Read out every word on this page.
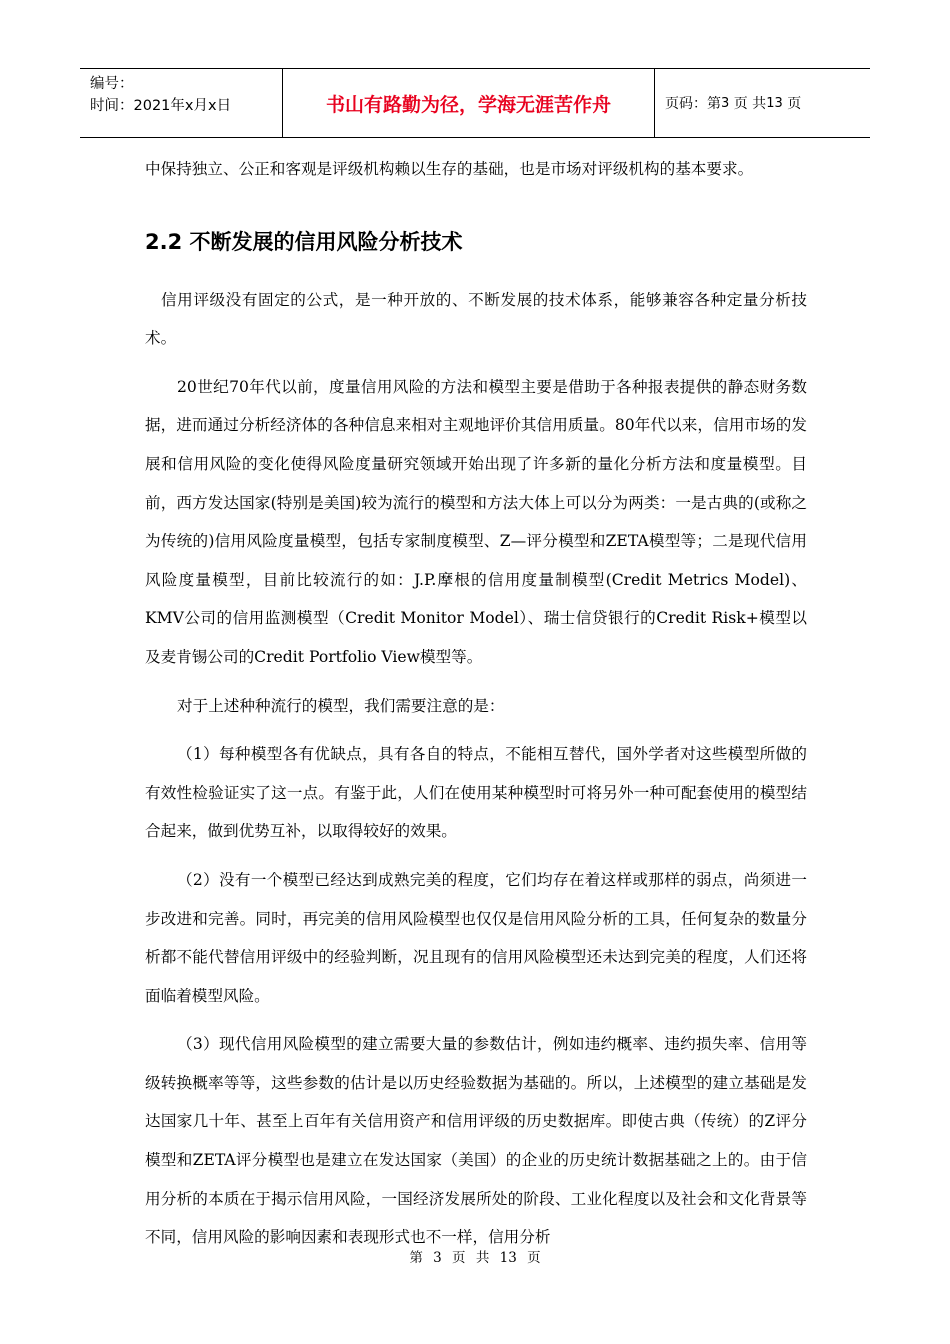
编号：
时间：2021年x月x日	书山有路勤为径，学海无涯苦作舟	页码：第 3
页 共 13
页

中保持独立、公正和客观是评级机构赖以生存的基础，也是市场对评级机构的基本要求。

2.2 不断发展的信用风险分析技术

信用评级没有固定的公式，是一种开放的、不断发展的技术体系，能够兼容各种定量分析技术。

20世纪70年代以前，度量信用风险的方法和模型主要是借助于各种报表提供的静态财务数据，进而通过分析经济体的各种信息来相对主观地评价其信用质量。80年代以来，信用市场的发展和信用风险的变化使得风险度量研究领域开始出现了许多新的量化分析方法和度量模型。目前，西方发达国家(特别是美国)较为流行的模型和方法大体上可以分为两类：一是古典的(或称之为传统的)信用风险度量模型，包括专家制度模型、Z—评分模型和ZETA模型等；二是现代信用风险度量模型，目前比较流行的如：J.P.摩根的信用度量制模型(Credit Metrics Model)、KMV公司的信用监测模型（Credit Monitor Model）、瑞士信贷银行的Credit Risk+模型以及麦肯锡公司的Credit Portfolio View模型等。

对于上述种种流行的模型，我们需要注意的是：

（1）每种模型各有优缺点，具有各自的特点，不能相互替代，国外学者对这些模型所做的有效性检验证实了这一点。有鉴于此，人们在使用某种模型时可将另外一种可配套使用的模型结合起来，做到优势互补，以取得较好的效果。

（2）没有一个模型已经达到成熟完美的程度，它们均存在着这样或那样的弱点，尚须进一步改进和完善。同时，再完美的信用风险模型也仅仅是信用风险分析的工具，任何复杂的数量分析都不能代替信用评级中的经验判断，况且现有的信用风险模型还未达到完美的程度，人们还将面临着模型风险。

（3）现代信用风险模型的建立需要大量的参数估计，例如违约概率、违约损失率、信用等级转换概率等等，这些参数的估计是以历史经验数据为基础的。所以，上述模型的建立基础是发达国家几十年、甚至上百年有关信用资产和信用评级的历史数据库。即使古典（传统）的Z评分模型和ZETA评分模型也是建立在发达国家（美国）的企业的历史统计数据基础之上的。由于信用分析的本质在于揭示信用风险，一国经济发展所处的阶段、工业化程度以及社会和文化背景等不同，信用风险的影响因素和表现形式也不一样，信用分析

第 3 页 共 13 页
